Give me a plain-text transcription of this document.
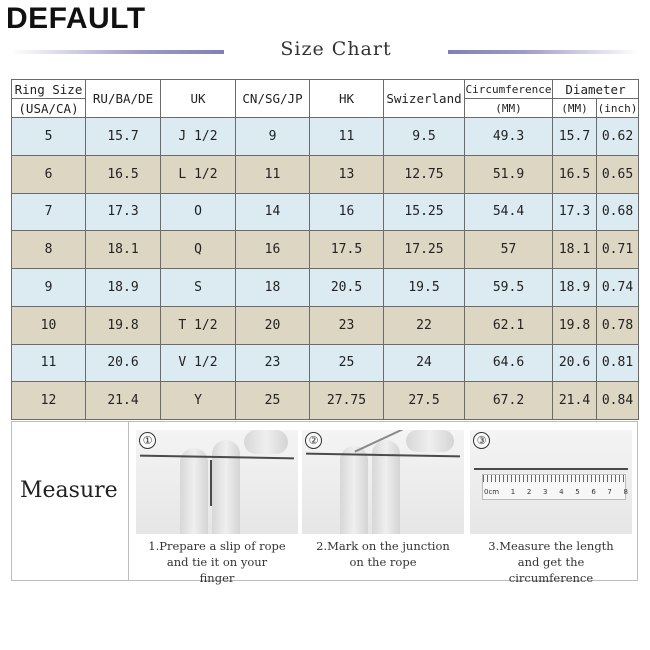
DEFAULT
Size Chart
Ring Size	RU/BA/DE	UK	CN/SG/JP	HK	Swizerland	Circumference	Diameter	
(USA/CA)						(MM)	(MM)	(inch)
5	15.7	J 1/2	9	11	9.5	49.3	15.7	0.62
6	16.5	L 1/2	11	13	12.75	51.9	16.5	0.65
7	17.3	O	14	16	15.25	54.4	17.3	0.68
8	18.1	Q	16	17.5	17.25	57	18.1	0.71
9	18.9	S	18	20.5	19.5	59.5	18.9	0.74
10	19.8	T 1/2	20	23	22	62.1	19.8	0.78
11	20.6	V 1/2	23	25	24	64.6	20.6	0.81
12	21.4	Y	25	27.75	27.5	67.2	21.4	0.84
Measure
①
1.Prepare a slip of rope
and tie it on your
finger
②
2.Mark on the junction
on the rope
0cm 1 2 3 4 5 6 7 8
③
3.Measure the length
and get the
circumference
